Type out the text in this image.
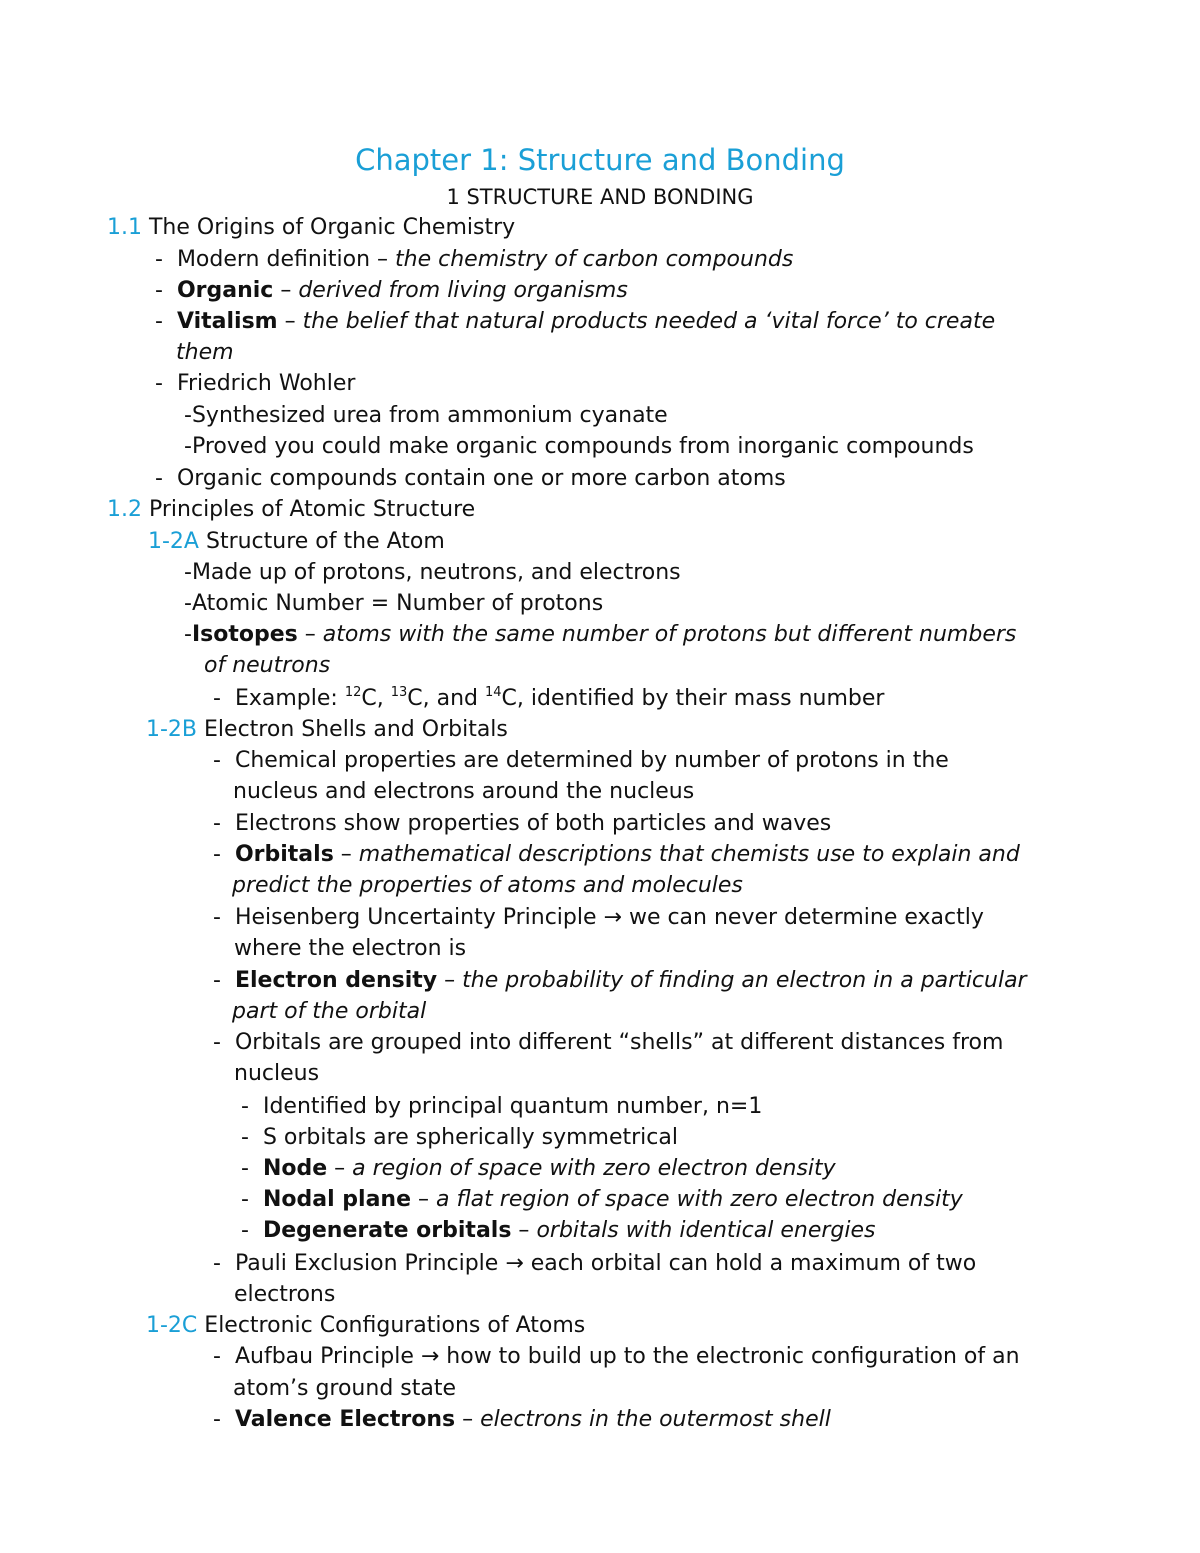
Chapter 1: Structure and Bonding
1 STRUCTURE AND BONDING
1.1 The Origins of Organic Chemistry
- Modern definition – the chemistry of carbon compounds
- Organic – derived from living organisms
- Vitalism – the belief that natural products needed a ‘vital force’ to create
them
- Friedrich Wohler
-Synthesized urea from ammonium cyanate
-Proved you could make organic compounds from inorganic compounds
- Organic compounds contain one or more carbon atoms
1.2 Principles of Atomic Structure
1-2A Structure of the Atom
-Made up of protons, neutrons, and electrons
-Atomic Number = Number of protons
-Isotopes – atoms with the same number of protons but different numbers
of neutrons
- Example: $^{12}$C, $^{13}$C, and $^{14}$C, identified by their mass number
1-2B Electron Shells and Orbitals
- Chemical properties are determined by number of protons in the
nucleus and electrons around the nucleus
- Electrons show properties of both particles and waves
- Orbitals – mathematical descriptions that chemists use to explain and
predict the properties of atoms and molecules
- Heisenberg Uncertainty Principle → we can never determine exactly
where the electron is
- Electron density – the probability of finding an electron in a particular
part of the orbital
- Orbitals are grouped into different “shells” at different distances from
nucleus
- Identified by principal quantum number, n=1
- S orbitals are spherically symmetrical
- Node – a region of space with zero electron density
- Nodal plane – a flat region of space with zero electron density
- Degenerate orbitals – orbitals with identical energies
- Pauli Exclusion Principle → each orbital can hold a maximum of two
electrons
1-2C Electronic Configurations of Atoms
- Aufbau Principle → how to build up to the electronic configuration of an
atom’s ground state
- Valence Electrons – electrons in the outermost shell
